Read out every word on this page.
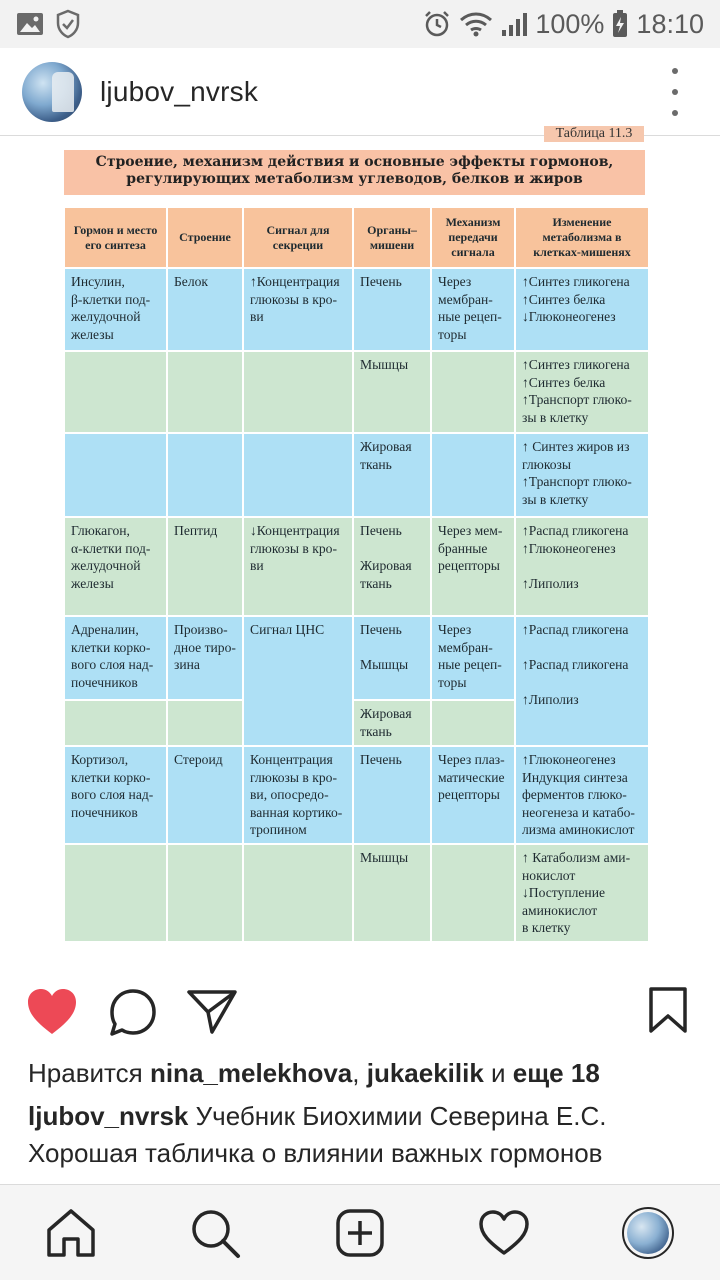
100% 18:10
ljubov_nvrsk
Таблица 11.3
Строение, механизм действия и основные эффекты гормонов,
регулирующих метаболизм углеводов, белков и жиров
Гормон и место его синтеза	Строение	Сигнал для секреции	Органы–мишени	Механизм передачи сигнала	Изменение метаболизма в клетках-мишенях
Инсулин,
β-клетки под-
желудочной
железы	Белок	↑Концентрация
глюкозы в кро-
ви	Печень	Через
мембран-
ные рецеп-
торы	↑Синтез гликогена
↑Синтез белка
↓Глюконеогенез
			Мышцы		↑Синтез гликогена
↑Синтез белка
↑Транспорт глюко-
зы в клетку
			Жировая
ткань		↑ Синтез жиров из
глюкозы
↑Транспорт глюко-
зы в клетку
Глюкагон,
α-клетки под-
желудочной
железы	Пептид	↓Концентрация
глюкозы в кро-
ви	Печень

Жировая
ткань	Через мем-
бранные
рецепторы	↑Распад гликогена
↑Глюконеогенез

↑Липолиз
Адреналин,
клетки корко-
вого слоя над-
почечников	Произво-
дное тиро-
зина	Сигнал ЦНС	Печень

Мышцы	Через
мембран-
ные рецеп-
торы	↑Распад гликогена

↑Распад гликогена

↑Липолиз
			Жировая
ткань		
Кортизол,
клетки корко-
вого слоя над-
почечников	Стероид	Концентрация
глюкозы в кро-
ви, опосредо-
ванная кортико-
тропином	Печень	Через плаз-
матические
рецепторы	↑Глюконеогенез
Индукция синтеза
ферментов глюко-
неогенеза и катабо-
лизма аминокислот
			Мышцы		↑ Катаболизм ами-
нокислот
↓Поступление
аминокислот
в клетку
Нравится nina_melekhova, jukaekilik и еще 18
ljubov_nvrsk Учебник Биохимии Северина Е.С. Хорошая табличка о влиянии важных гормонов
